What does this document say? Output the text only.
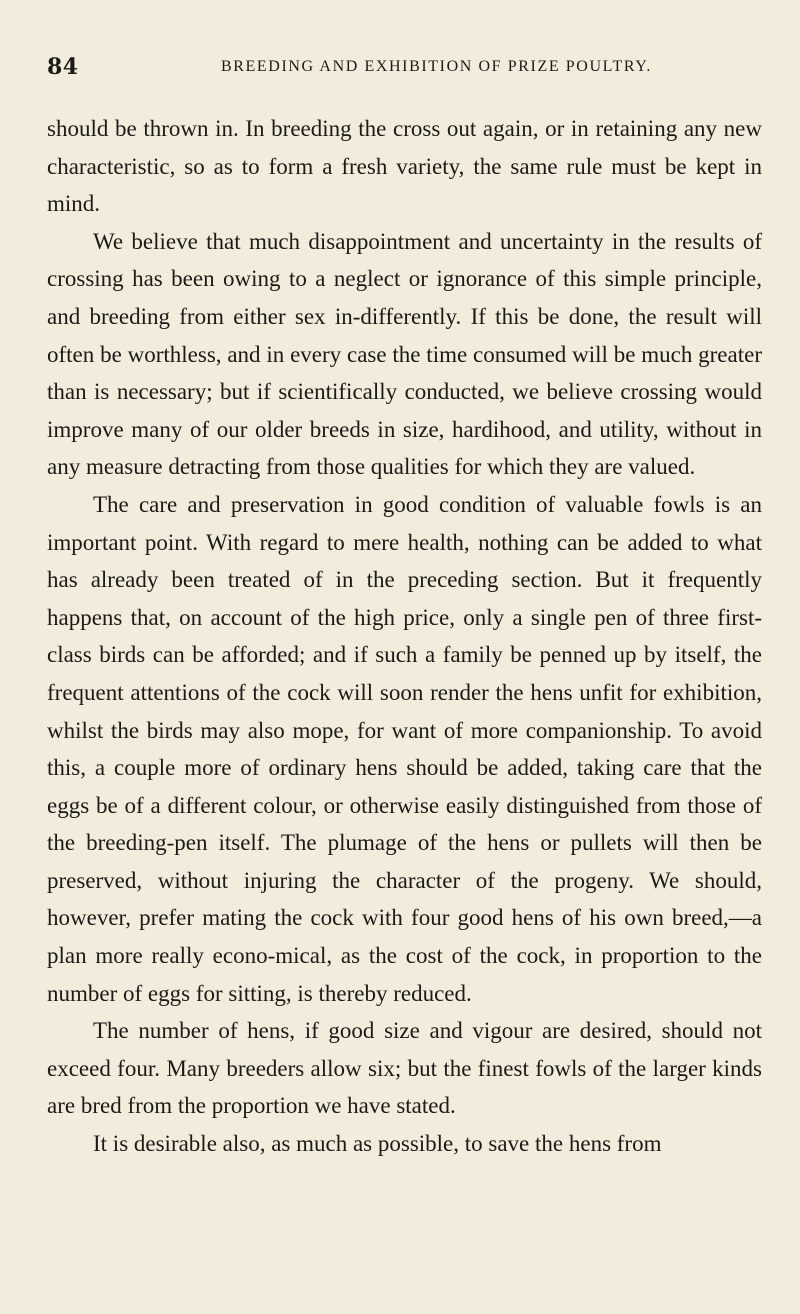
84	BREEDING AND EXHIBITION OF PRIZE POULTRY.

should be thrown in. In breeding the cross out again, or in retaining any new characteristic, so as to form a fresh variety, the same rule must be kept in mind.

We believe that much disappointment and uncertainty in the results of crossing has been owing to a neglect or ignorance of this simple principle, and breeding from either sex in-differently. If this be done, the result will often be worthless, and in every case the time consumed will be much greater than is necessary; but if scientifically conducted, we believe crossing would improve many of our older breeds in size, hardihood, and utility, without in any measure detracting from those qualities for which they are valued.

The care and preservation in good condition of valuable fowls is an important point. With regard to mere health, nothing can be added to what has already been treated of in the preceding section. But it frequently happens that, on account of the high price, only a single pen of three first-class birds can be afforded; and if such a family be penned up by itself, the frequent attentions of the cock will soon render the hens unfit for exhibition, whilst the birds may also mope, for want of more companionship. To avoid this, a couple more of ordinary hens should be added, taking care that the eggs be of a different colour, or otherwise easily distinguished from those of the breeding-pen itself. The plumage of the hens or pullets will then be preserved, without injuring the character of the progeny. We should, however, prefer mating the cock with four good hens of his own breed,—a plan more really econo-mical, as the cost of the cock, in proportion to the number of eggs for sitting, is thereby reduced.

The number of hens, if good size and vigour are desired, should not exceed four. Many breeders allow six; but the finest fowls of the larger kinds are bred from the proportion we have stated.

It is desirable also, as much as possible, to save the hens from
